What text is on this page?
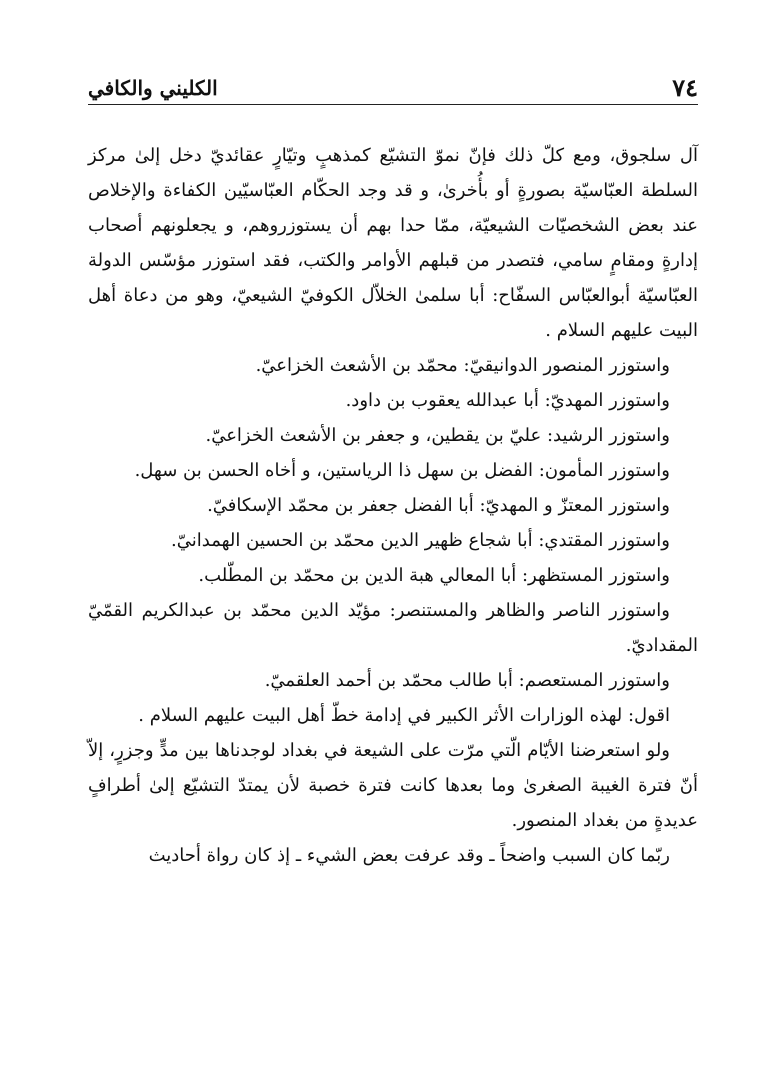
٧٤
الكليني والكافي

آل سلجوق، ومع كلّ ذلك فإنّ نموّ التشيّع كمذهبٍ وتيّارٍ عقائديّ دخل إلىٰ مركز السلطة العبّاسيّة بصورةٍ أو بأُخرىٰ، و قد وجد الحكّام العبّاسيّين الكفاءة والإخلاص عند بعض الشخصيّات الشيعيّة، ممّا حدا بهم أن يستوزروهم، و يجعلونهم أصحاب إدارةٍ ومقامٍ سامي، فتصدر من قبلهم الأوامر والكتب، فقد استوزر مؤسّس الدولة العبّاسيّة أبوالعبّاس السفّاح: أبا سلمىٰ الخلاّل الكوفيّ الشيعيّ، وهو من دعاة أهل البيت عليهم السلام .

واستوزر المنصور الدوانيقيّ: محمّد بن الأشعث الخزاعيّ.

واستوزر المهديّ: أبا عبدالله يعقوب بن داود.

واستوزر الرشيد: عليّ بن يقطين، و جعفر بن الأشعث الخزاعيّ.

واستوزر المأمون: الفضل بن سهل ذا الرياستين، و أخاه الحسن بن سهل.

واستوزر المعتزّ و المهديّ: أبا الفضل جعفر بن محمّد الإسكافيّ.

واستوزر المقتدي: أبا شجاع ظهير الدين محمّد بن الحسين الهمدانيّ.

واستوزر المستظهر: أبا المعالي هبة الدين بن محمّد بن المطّلب.

واستوزر الناصر والظاهر والمستنصر: مؤيّد الدين محمّد بن عبدالكريم القمّيّ المقداديّ.

واستوزر المستعصم: أبا طالب محمّد بن أحمد العلقميّ.

اقول: لهذه الوزارات الأثر الكبير في إدامة خطّ أهل البيت عليهم السلام .

ولو استعرضنا الأيّام الّتي مرّت على الشيعة في بغداد لوجدناها بين مدٍّ وجزرٍ، إلاّ أنّ فترة الغيبة الصغرىٰ وما بعدها كانت فترة خصبة لأن يمتدّ التشيّع إلىٰ أطرافٍ عديدةٍ من بغداد المنصور.

ربّما كان السبب واضحاً ـ وقد عرفت بعض الشيء ـ إذ كان رواة أحاديث
